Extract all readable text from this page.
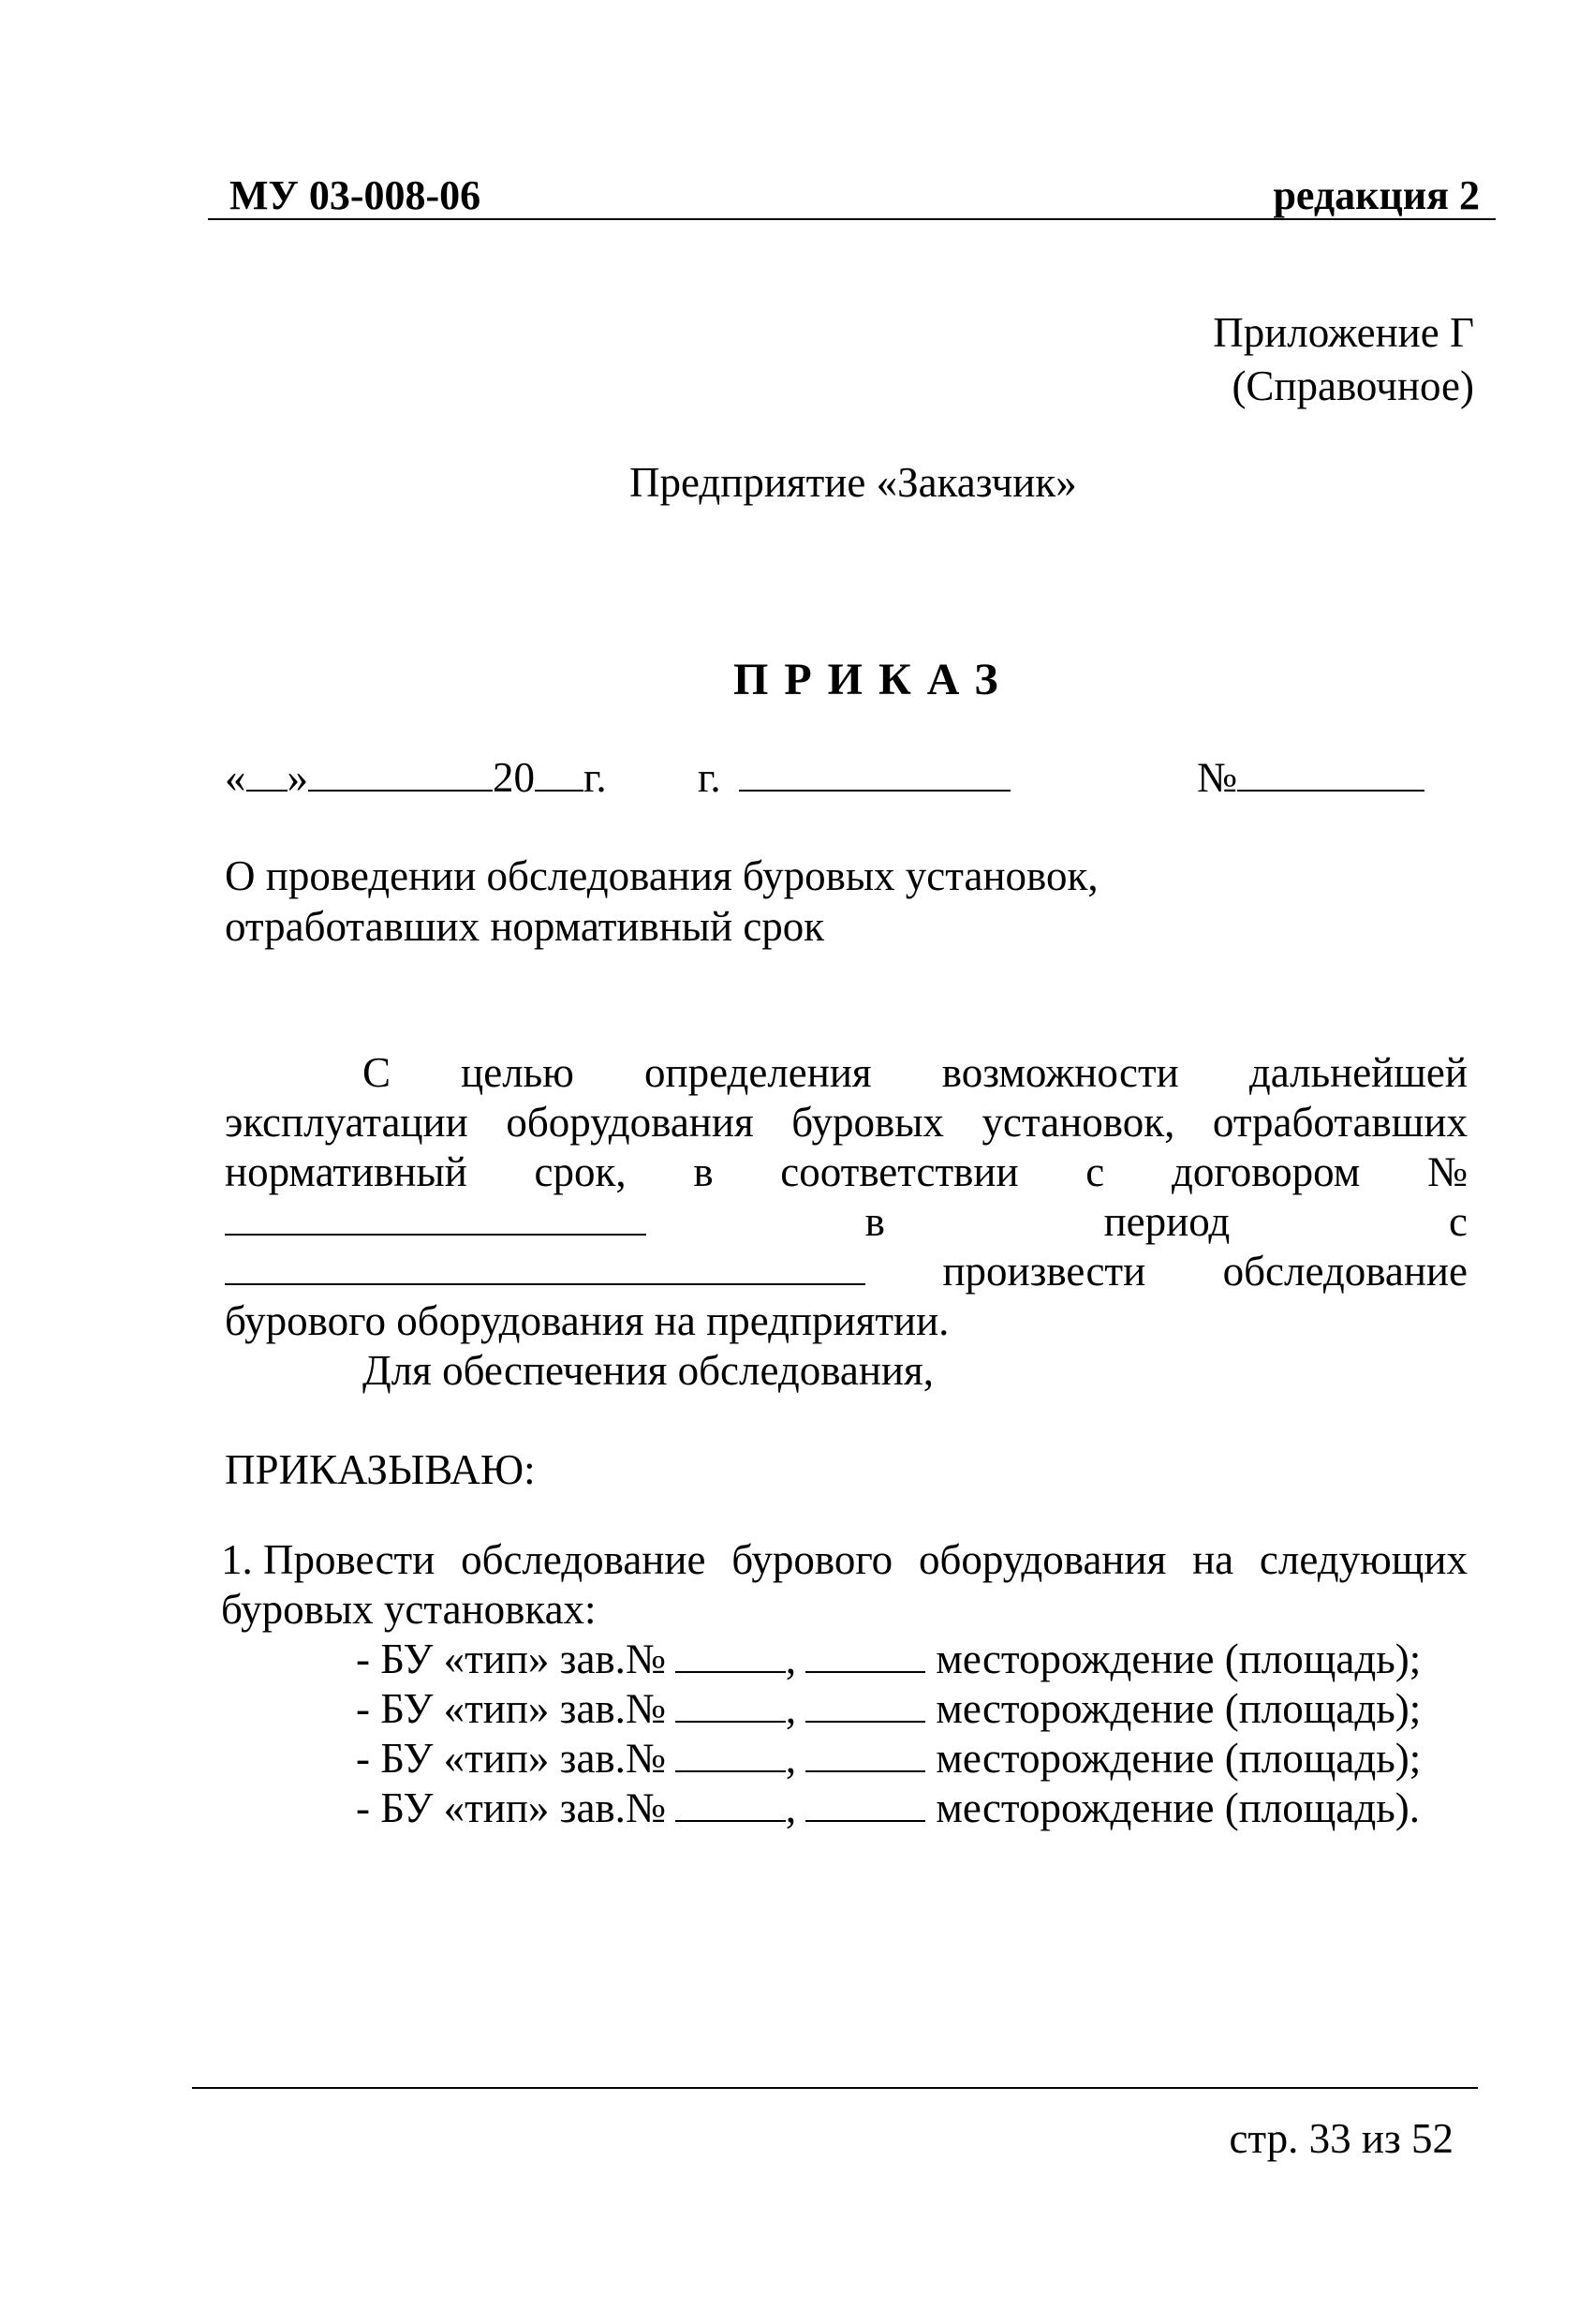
МУ 03-008-06	редакция 2
Приложение Г
(Справочное)
Предприятие «Заказчик»
ПРИКАЗ
« »	20 г. г.	№
О проведении обследования буровых установок,
отработавших нормативный срок
С целью определения возможности дальнейшей
эксплуатации оборудования буровых установок, отработавших
нормативный срок, в соответствии с договором №
в	период	с
произвести обследование
бурового оборудования на предприятии.
Для обеспечения обследования,
ПРИКАЗЫВАЮ:
1. Провести обследование бурового оборудования на следующих
буровых установках:
- БУ «тип» зав.№	,	месторождение (площадь);
- БУ «тип» зав.№	,	месторождение (площадь);
- БУ «тип» зав.№	,	месторождение (площадь);
- БУ «тип» зав.№	,	месторождение (площадь).
стр. 33 из 52
